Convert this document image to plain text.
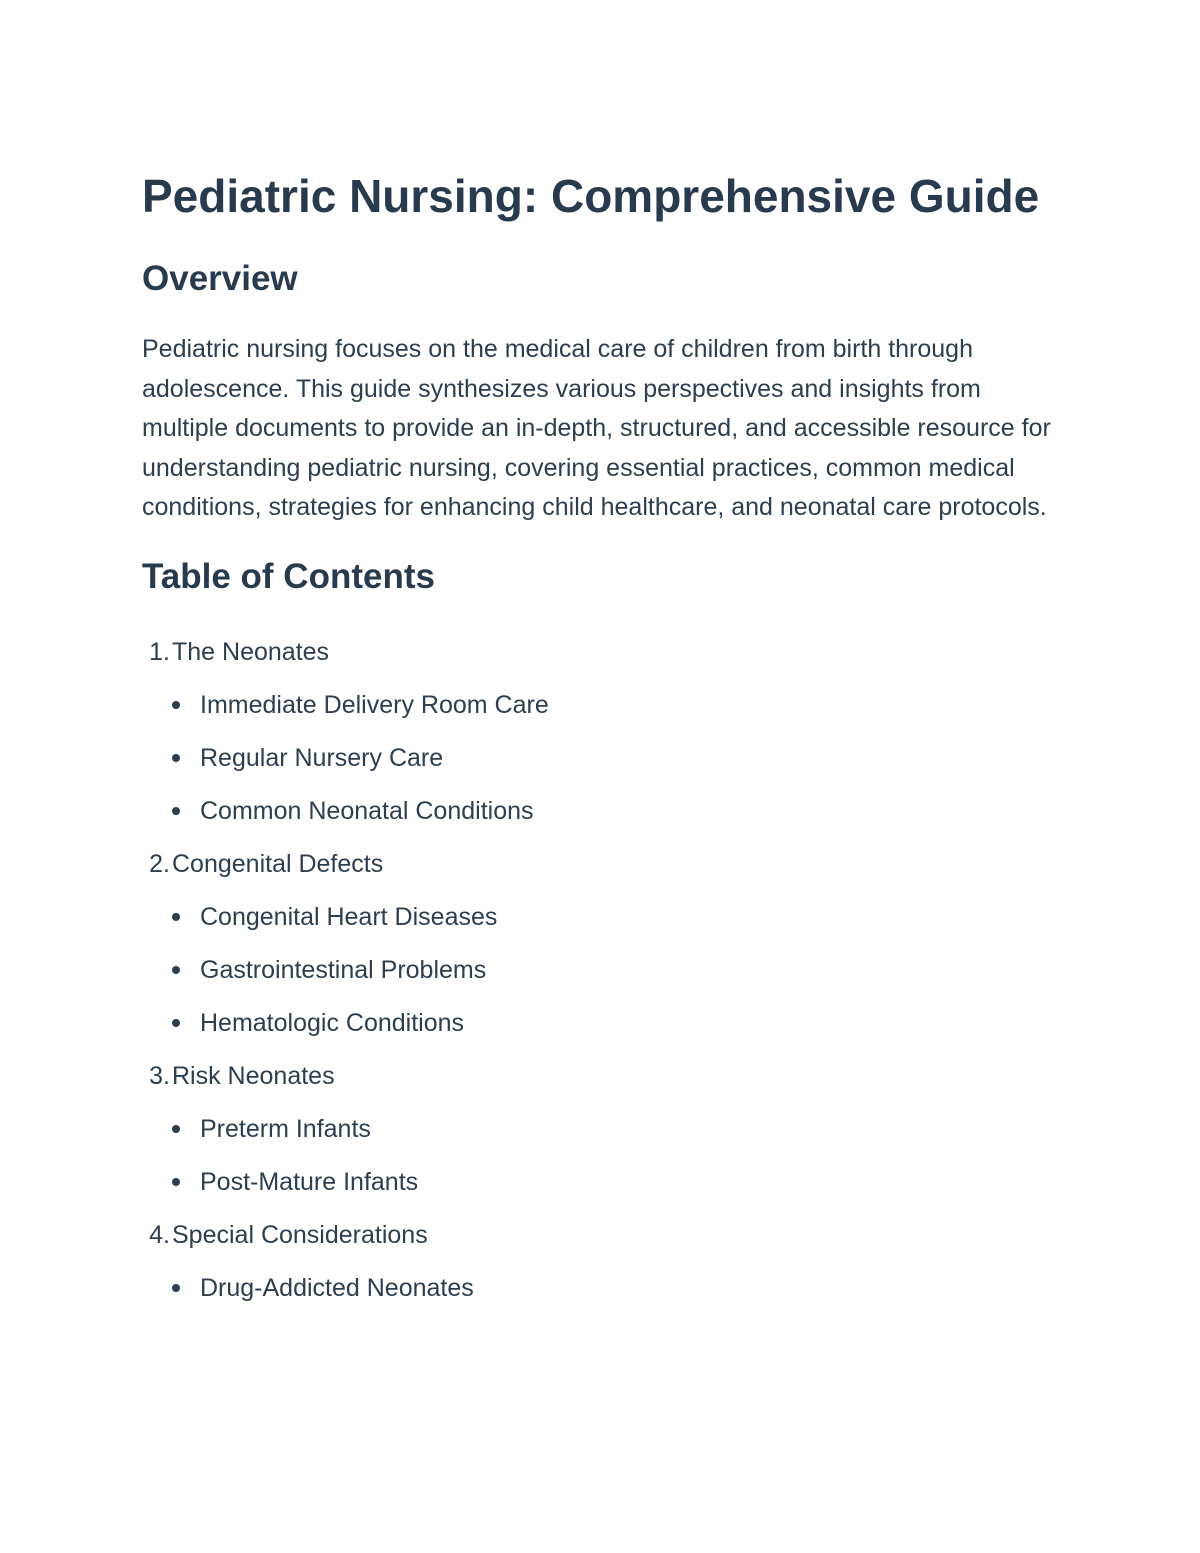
Pediatric Nursing: Comprehensive Guide
Overview

Pediatric nursing focuses on the medical care of children from birth through adolescence. This guide synthesizes various perspectives and insights from multiple documents to provide an in-depth, structured, and accessible resource for understanding pediatric nursing, covering essential practices, common medical conditions, strategies for enhancing child healthcare, and neonatal care protocols.

Table of Contents
1. The Neonates
Immediate Delivery Room Care
Regular Nursery Care
Common Neonatal Conditions
2. Congenital Defects
Congenital Heart Diseases
Gastrointestinal Problems
Hematologic Conditions
3. Risk Neonates
Preterm Infants
Post-Mature Infants
4. Special Considerations
Drug-Addicted Neonates
